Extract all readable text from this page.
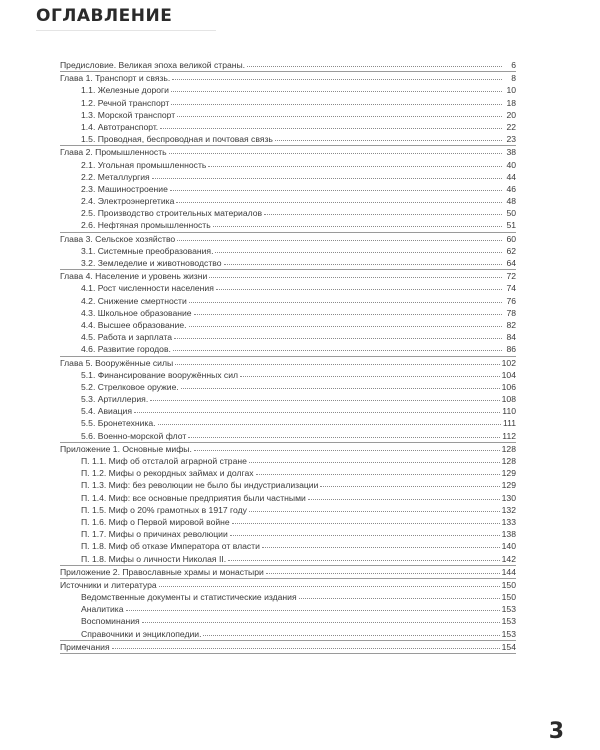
ОГЛАВЛЕНИЕ
Предисловие. Великая эпоха великой страны.	6
Глава 1. Транспорт и связь.	8
1.1. Железные дороги	10
1.2. Речной транспорт	18
1.3. Морской транспорт	20
1.4. Автотранспорт.	22
1.5. Проводная, беспроводная и почтовая связь	23
Глава 2. Промышленность	38
2.1. Угольная промышленность	40
2.2. Металлургия	44
2.3. Машиностроение	46
2.4. Электроэнергетика	48
2.5. Производство строительных материалов	50
2.6. Нефтяная промышленность	51
Глава 3. Сельское хозяйство	60
3.1. Системные преобразования.	62
3.2. Земледелие и животноводство	64
Глава 4. Население и уровень жизни	72
4.1. Рост численности населения	74
4.2. Снижение смертности	76
4.3. Школьное образование	78
4.4. Высшее образование.	82
4.5. Работа и зарплата	84
4.6. Развитие городов.	86
Глава 5. Вооружённые силы	102
5.1. Финансирование вооружённых сил	104
5.2. Стрелковое оружие.	106
5.3. Артиллерия.	108
5.4. Авиация	110
5.5. Бронетехника.	111
5.6. Военно-морской флот	112
Приложение 1. Основные мифы.	128
П. 1.1. Миф об отсталой аграрной стране	128
П. 1.2. Мифы о рекордных займах и долгах	129
П. 1.3. Миф: без революции не было бы индустриализации	129
П. 1.4. Миф: все основные предприятия были частными	130
П. 1.5. Миф о 20% грамотных в 1917 году	132
П. 1.6. Миф о Первой мировой войне	133
П. 1.7. Мифы о причинах революции	138
П. 1.8. Миф об отказе Императора от власти	140
П. 1.8. Мифы о личности Николая II.	142
Приложение 2. Православные храмы и монастыри	144
Источники и литература	150
Ведомственные документы и статистические издания	150
Аналитика	153
Воспоминания	153
Справочники и энциклопедии.	153
Примечания	154
3
